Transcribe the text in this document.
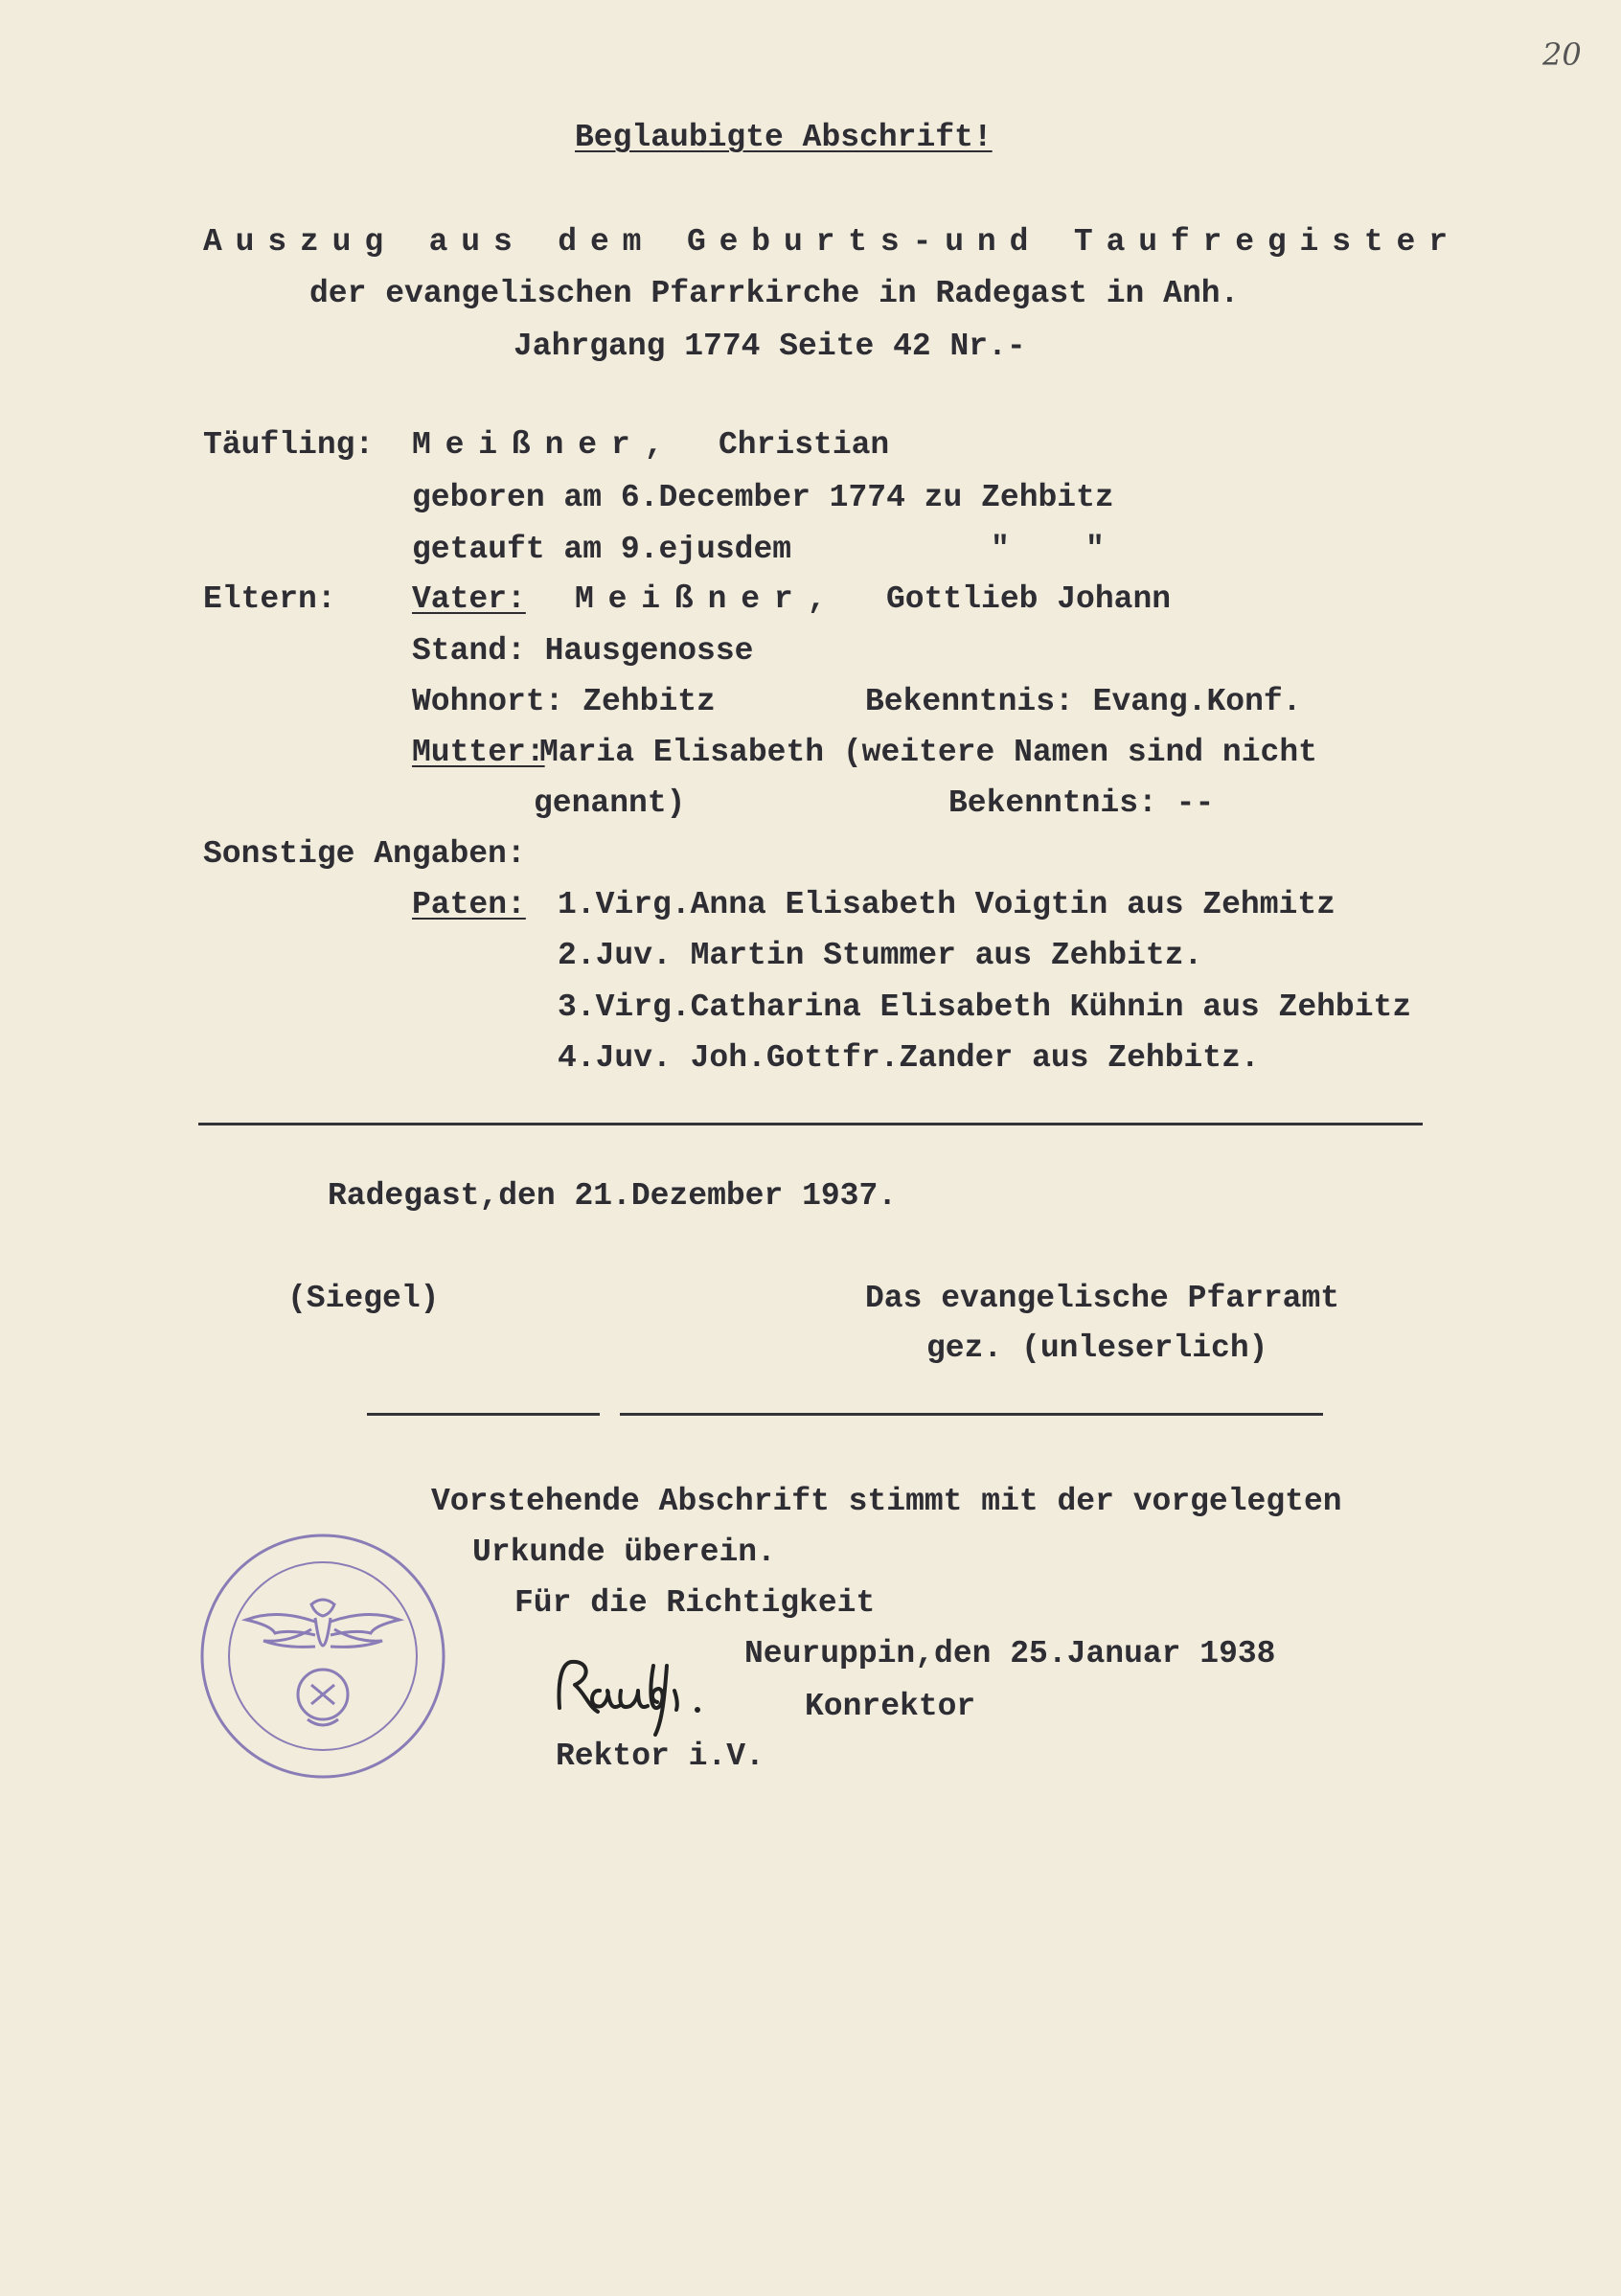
20
Beglaubigte Abschrift!
Auszug aus dem Geburts-und Taufregister
der evangelischen Pfarrkirche in Radegast in Anh.
Jahrgang 1774 Seite 42 Nr.-
Täufling: Meißner, Christian
geboren am 6.December 1774 zu Zehbitz
getauft am 9.ejusdem	"    "
Eltern: Vater: Meißner, Gottlieb Johann
Stand: Hausgenosse
Wohnort: Zehbitz	Bekenntnis: Evang.Konf.
Mutter:
Maria Elisabeth (weitere Namen sind nicht
genannt)	Bekenntnis: --
Sonstige Angaben:
Paten: 1.Virg.Anna Elisabeth Voigtin aus Zehmitz
2.Juv. Martin Stummer aus Zehbitz.
3.Virg.Catharina Elisabeth Kühnin aus Zehbitz
4.Juv. Joh.Gottfr.Zander aus Zehbitz.
Radegast,den 21.Dezember 1937.
(Siegel)	Das evangelische Pfarramt
gez. (unleserlich)
Vorstehende Abschrift stimmt mit der vorgelegten
Urkunde überein.
Für die Richtigkeit
Neuruppin,den 25.Januar 1938
Konrektor
Rektor i.V.
